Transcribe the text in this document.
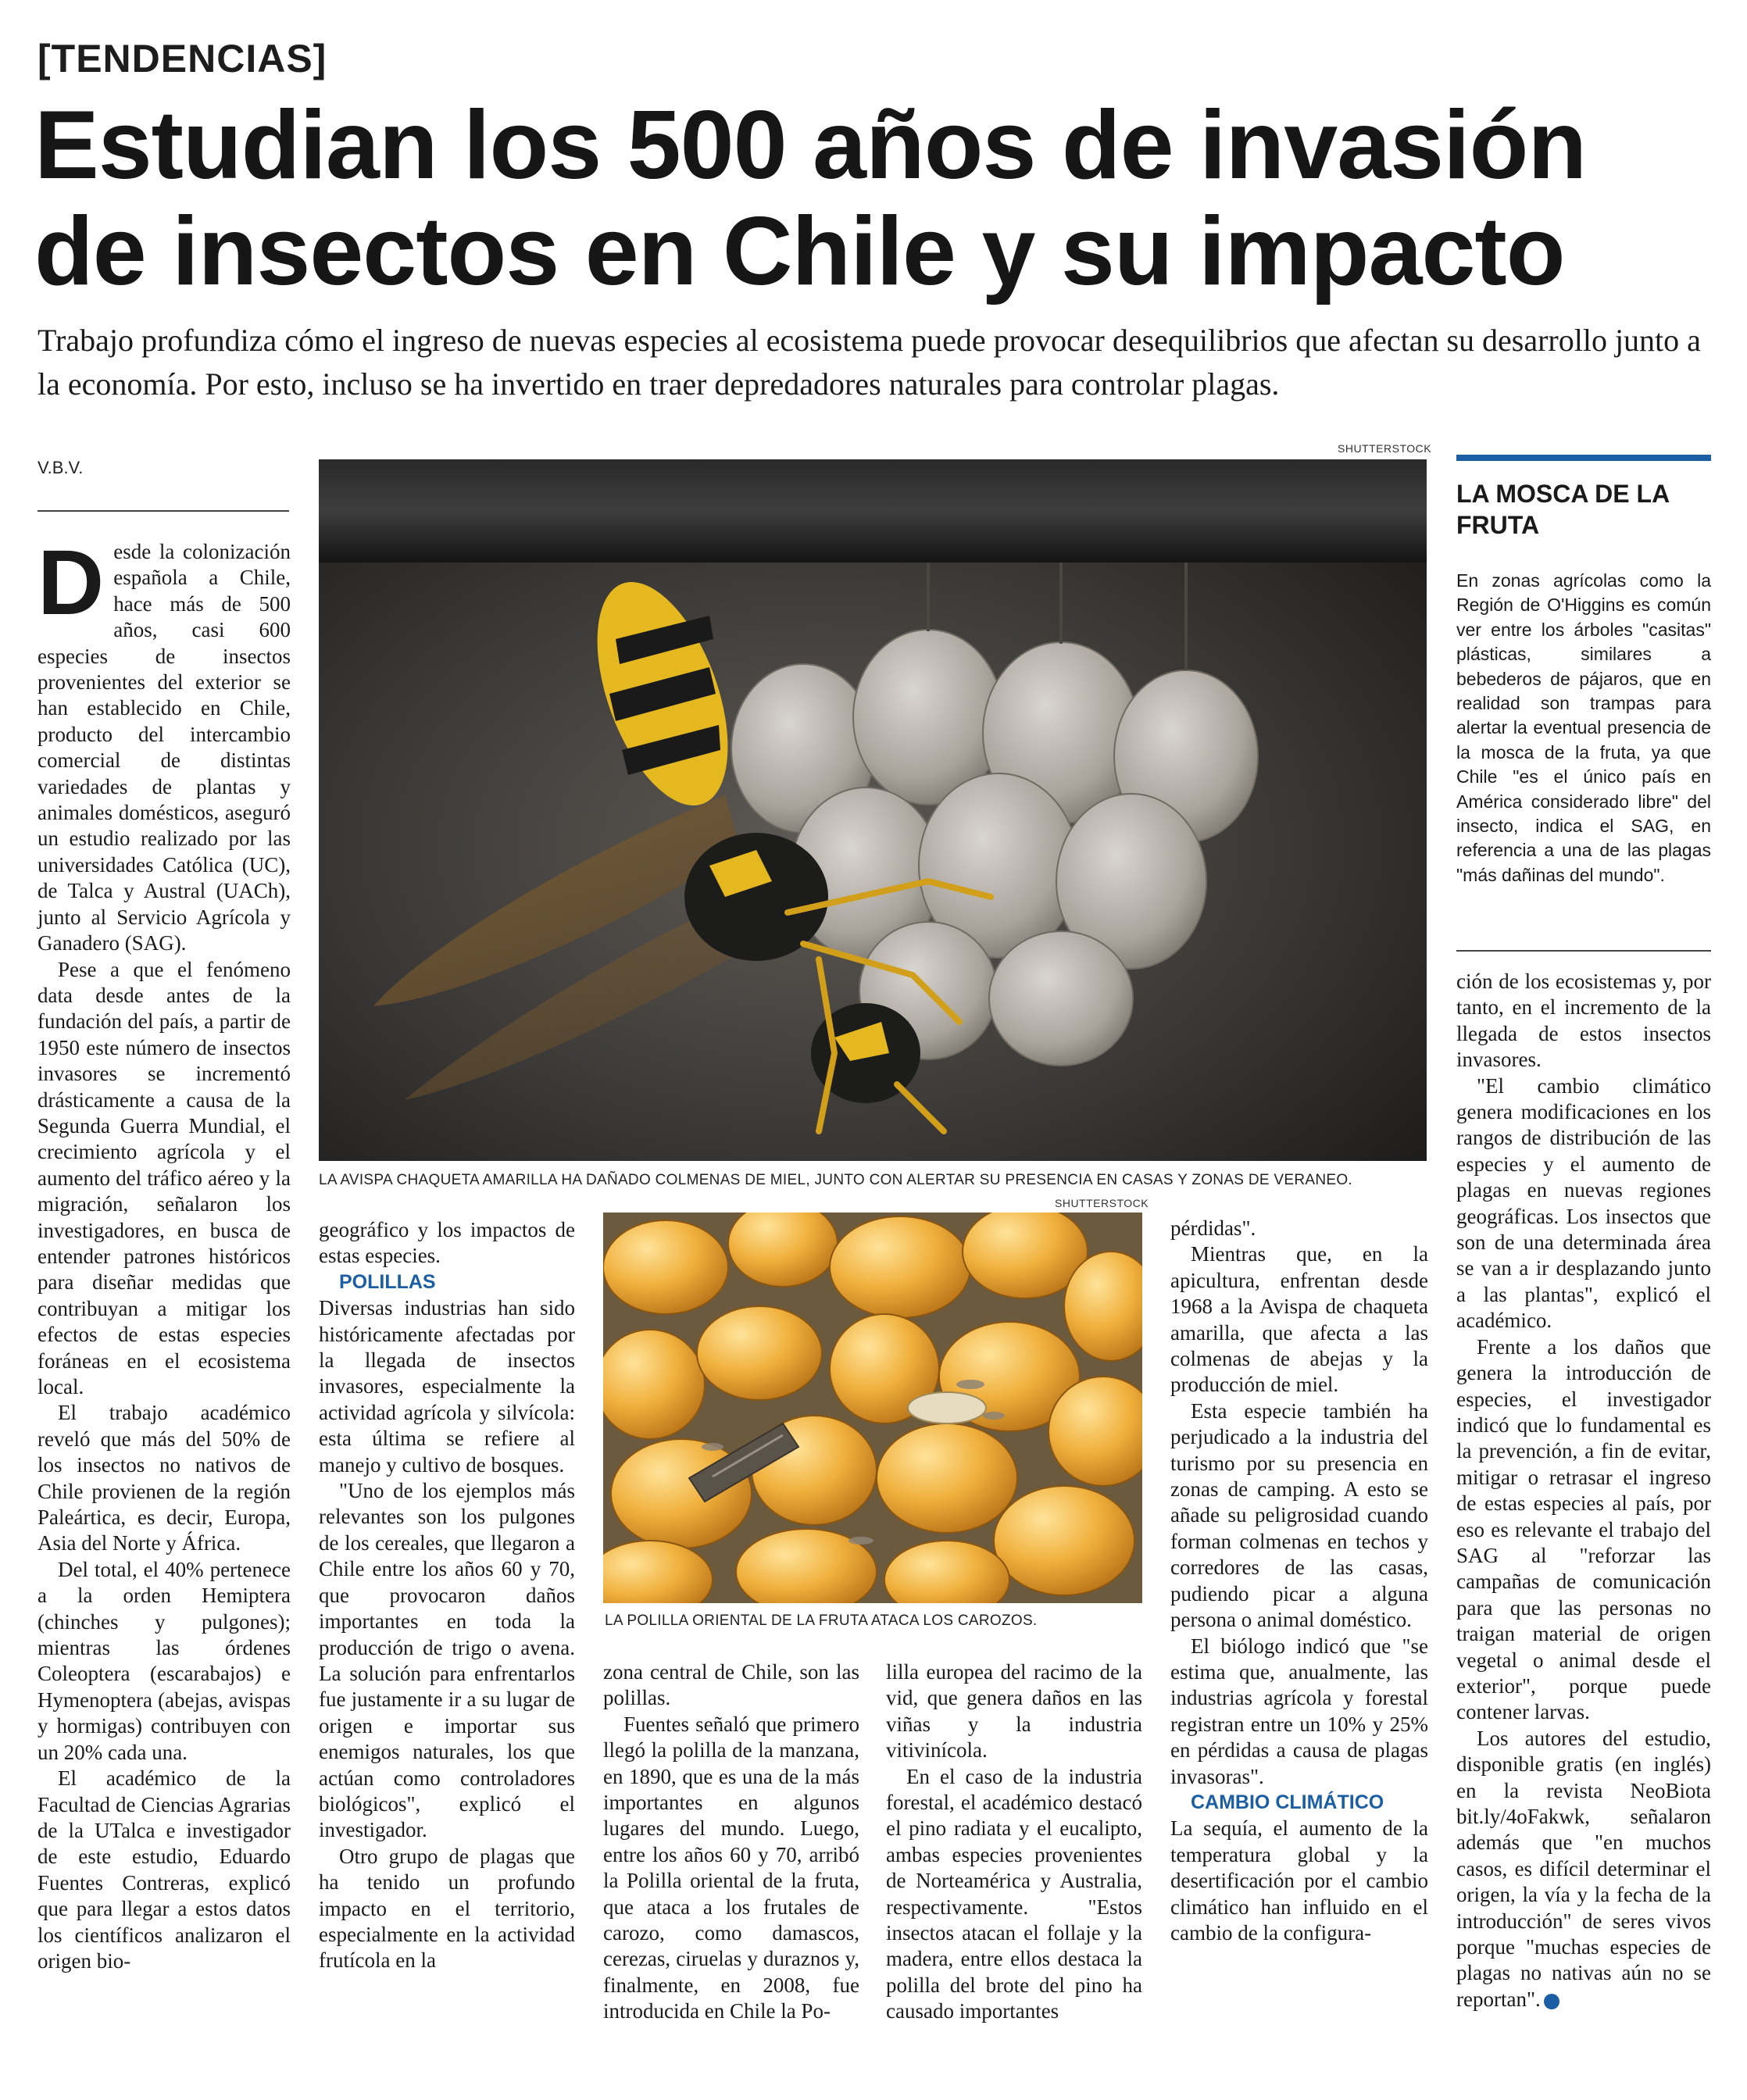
[TENDENCIAS]
Estudian los 500 años de invasión de insectos en Chile y su impacto
Trabajo profundiza cómo el ingreso de nuevas especies al ecosistema puede provocar desequilibrios que afectan su desarrollo junto a la economía. Por esto, incluso se ha invertido en traer depredadores naturales para controlar plagas.
V.B.V.

Desde la colonización española a Chile, hace más de 500 años, casi 600 especies de insectos provenientes del exterior se han establecido en Chile, producto del intercambio comercial de distintas variedades de plantas y animales domésticos, aseguró un estudio realizado por las universidades Católica (UC), de Talca y Austral (UACh), junto al Servicio Agrícola y Ganadero (SAG).

Pese a que el fenómeno data desde antes de la fundación del país, a partir de 1950 este número de insectos invasores se incrementó drásticamente a causa de la Segunda Guerra Mundial, el crecimiento agrícola y el aumento del tráfico aéreo y la migración, señalaron los investigadores, en busca de entender patrones históricos para diseñar medidas que contribuyan a mitigar los efectos de estas especies foráneas en el ecosistema local.

El trabajo académico reveló que más del 50% de los insectos no nativos de Chile provienen de la región Paleártica, es decir, Europa, Asia del Norte y África.

Del total, el 40% pertenece a la orden Hemiptera (chinches y pulgones); mientras las órdenes Coleoptera (escarabajos) e Hymenoptera (abejas, avispas y hormigas) contribuyen con un 20% cada una.

El académico de la Facultad de Ciencias Agrarias de la UTalca e investigador de este estudio, Eduardo Fuentes Contreras, explicó que para llegar a estos datos los científicos analizaron el origen bio-

SHUTTERSTOCK
LA AVISPA CHAQUETA AMARILLA HA DAÑADO COLMENAS DE MIEL, JUNTO CON ALERTAR SU PRESENCIA EN CASAS Y ZONAS DE VERANEO.

geográfico y los impactos de estas especies.

POLILLAS

Diversas industrias han sido históricamente afectadas por la llegada de insectos invasores, especialmente la actividad agrícola y silvícola: esta última se refiere al manejo y cultivo de bosques.

"Uno de los ejemplos más relevantes son los pulgones de los cereales, que llegaron a Chile entre los años 60 y 70, que provocaron daños importantes en toda la producción de trigo o avena. La solución para enfrentarlos fue justamente ir a su lugar de origen e importar sus enemigos naturales, los que actúan como controladores biológicos", explicó el investigador.

Otro grupo de plagas que ha tenido un profundo impacto en el territorio, especialmente en la actividad frutícola en la

SHUTTERSTOCK
LA POLILLA ORIENTAL DE LA FRUTA ATACA LOS CAROZOS.

zona central de Chile, son las polillas.

Fuentes señaló que primero llegó la polilla de la manzana, en 1890, que es una de la más importantes en algunos lugares del mundo. Luego, entre los años 60 y 70, arribó la Polilla oriental de la fruta, que ataca a los frutales de carozo, como damascos, cerezas, ciruelas y duraznos y, finalmente, en 2008, fue introducida en Chile la Po-

lilla europea del racimo de la vid, que genera daños en las viñas y la industria vitivinícola.

En el caso de la industria forestal, el académico destacó el pino radiata y el eucalipto, ambas especies provenientes de Norteamérica y Australia, respectivamente. "Estos insectos atacan el follaje y la madera, entre ellos destaca la polilla del brote del pino ha causado importantes

pérdidas".

Mientras que, en la apicultura, enfrentan desde 1968 a la Avispa de chaqueta amarilla, que afecta a las colmenas de abejas y la producción de miel.

Esta especie también ha perjudicado a la industria del turismo por su presencia en zonas de camping. A esto se añade su peligrosidad cuando forman colmenas en techos y corredores de las casas, pudiendo picar a alguna persona o animal doméstico.

El biólogo indicó que "se estima que, anualmente, las industrias agrícola y forestal registran entre un 10% y 25% en pérdidas a causa de plagas invasoras".

CAMBIO CLIMÁTICO

La sequía, el aumento de la temperatura global y la desertificación por el cambio climático han influido en el cambio de la configura-

LA MOSCA DE LA FRUTA
En zonas agrícolas como la Región de O'Higgins es común ver entre los árboles "casitas" plásticas, similares a bebederos de pájaros, que en realidad son trampas para alertar la eventual presencia de la mosca de la fruta, ya que Chile "es el único país en América considerado libre" del insecto, indica el SAG, en referencia a una de las plagas "más dañinas del mundo".

ción de los ecosistemas y, por tanto, en el incremento de la llegada de estos insectos invasores.

"El cambio climático genera modificaciones en los rangos de distribución de las especies y el aumento de plagas en nuevas regiones geográficas. Los insectos que son de una determinada área se van a ir desplazando junto a las plantas", explicó el académico.

Frente a los daños que genera la introducción de especies, el investigador indicó que lo fundamental es la prevención, a fin de evitar, mitigar o retrasar el ingreso de estas especies al país, por eso es relevante el trabajo del SAG al "reforzar las campañas de comunicación para que las personas no traigan material de origen vegetal o animal desde el exterior", porque puede contener larvas.

Los autores del estudio, disponible gratis (en inglés) en la revista NeoBiota bit.ly/4oFakwk, señalaron además que "en muchos casos, es difícil determinar el origen, la vía y la fecha de la introducción" de seres vivos porque "muchas especies de plagas no nativas aún no se reportan". ✦
